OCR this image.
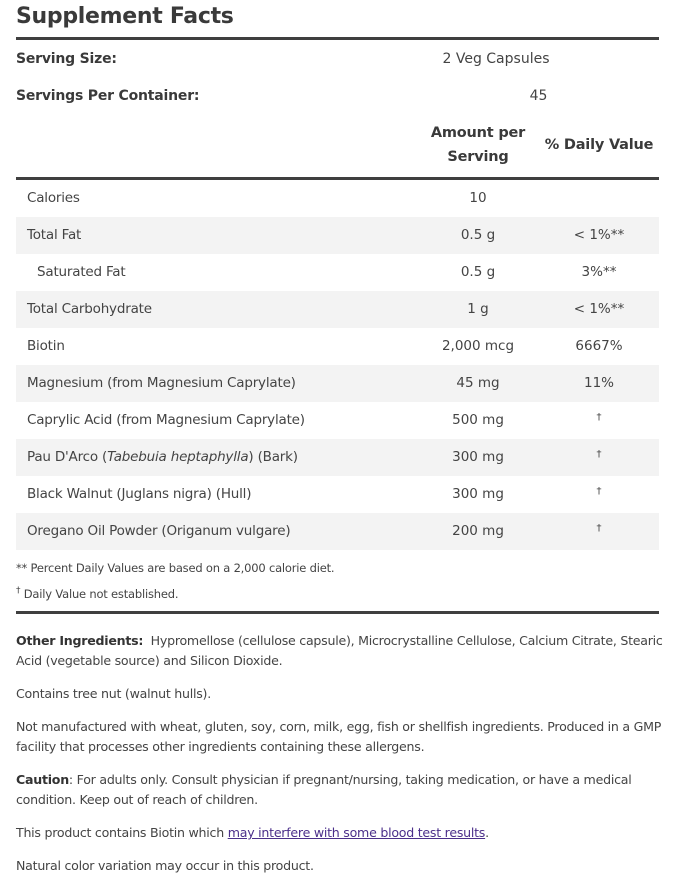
Supplement Facts
Serving Size:	2 Veg Capsules
Servings Per Container:	45
Amount per
Serving
% Daily Value
Calories	10
Total Fat	0.5 g	< 1%**
Saturated Fat	0.5 g	3%**
Total Carbohydrate	1 g	< 1%**
Biotin	2,000 mcg	6667%
Magnesium (from Magnesium Caprylate)	45 mg	11%
Caprylic Acid (from Magnesium Caprylate)	500 mg	†
Pau D'Arco (Tabebuia heptaphylla) (Bark)	300 mg	†
Black Walnut (Juglans nigra) (Hull)	300 mg	†
Oregano Oil Powder (Origanum vulgare)	200 mg	†
** Percent Daily Values are based on a 2,000 calorie diet.
† Daily Value not established.
Other Ingredients: Hypromellose (cellulose capsule), Microcrystalline Cellulose, Calcium Citrate, Stearic Acid (vegetable source) and Silicon Dioxide.
Contains tree nut (walnut hulls).
Not manufactured with wheat, gluten, soy, corn, milk, egg, fish or shellfish ingredients. Produced in a GMP facility that processes other ingredients containing these allergens.
Caution: For adults only. Consult physician if pregnant/nursing, taking medication, or have a medical condition. Keep out of reach of children.
This product contains Biotin which may interfere with some blood test results.
Natural color variation may occur in this product.
